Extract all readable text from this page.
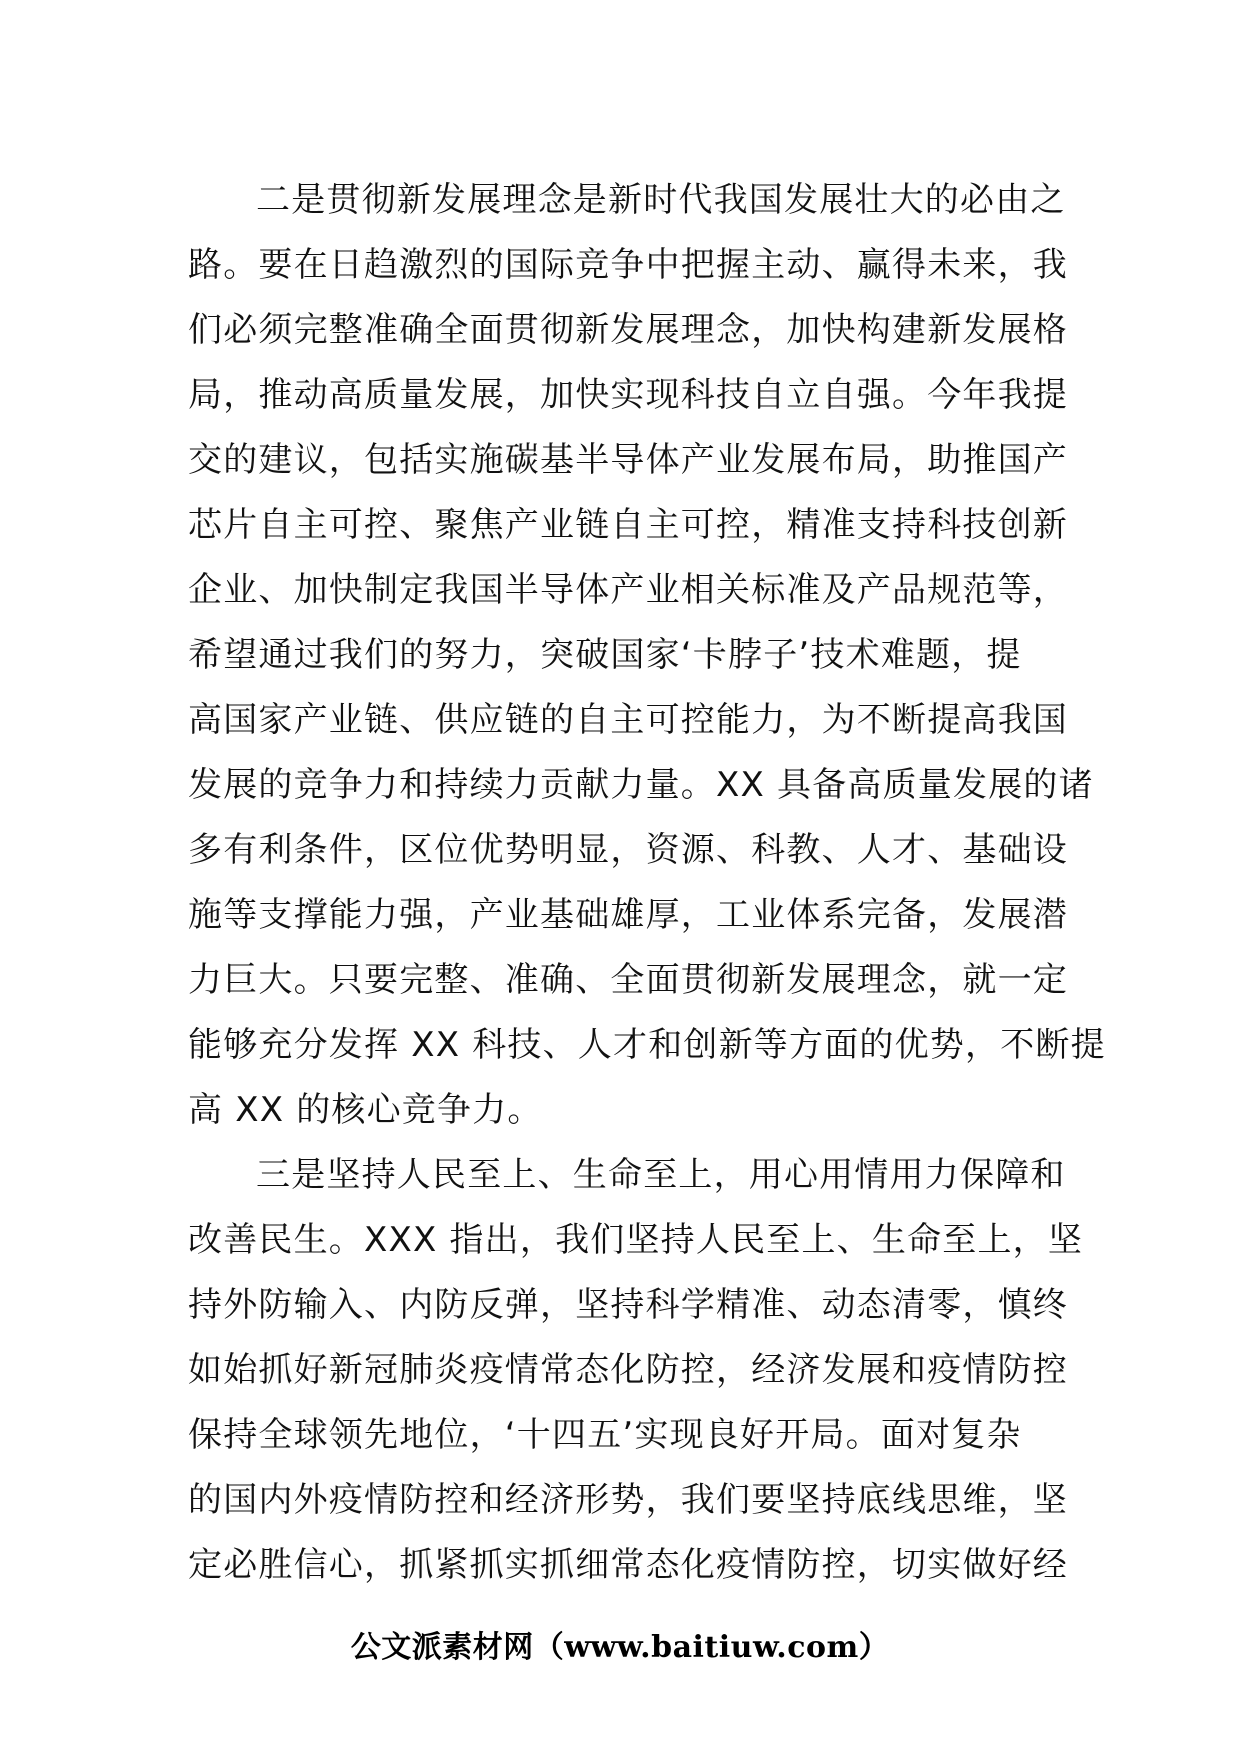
二是贯彻新发展理念是新时代我国发展壮大的必由之
路。要在日趋激烈的国际竞争中把握主动、赢得未来，我
们必须完整准确全面贯彻新发展理念，加快构建新发展格
局，推动高质量发展，加快实现科技自立自强。今年我提
交的建议，包括实施碳基半导体产业发展布局，助推国产
芯片自主可控、聚焦产业链自主可控，精准支持科技创新
企业、加快制定我国半导体产业相关标准及产品规范等，
希望通过我们的努力，突破国家‘卡脖子’技术难题，提
高国家产业链、供应链的自主可控能力，为不断提高我国
发展的竞争力和持续力贡献力量。XX 具备高质量发展的诸
多有利条件，区位优势明显，资源、科教、人才、基础设
施等支撑能力强，产业基础雄厚，工业体系完备，发展潜
力巨大。只要完整、准确、全面贯彻新发展理念，就一定
能够充分发挥 XX 科技、人才和创新等方面的优势，不断提
高 XX 的核心竞争力。
三是坚持人民至上、生命至上，用心用情用力保障和
改善民生。XXX 指出，我们坚持人民至上、生命至上，坚
持外防输入、内防反弹，坚持科学精准、动态清零，慎终
如始抓好新冠肺炎疫情常态化防控，经济发展和疫情防控
保持全球领先地位，‘十四五’实现良好开局。面对复杂
的国内外疫情防控和经济形势，我们要坚持底线思维，坚
定必胜信心，抓紧抓实抓细常态化疫情防控，切实做好经
公文派素材网（www.baitiuw.com）
